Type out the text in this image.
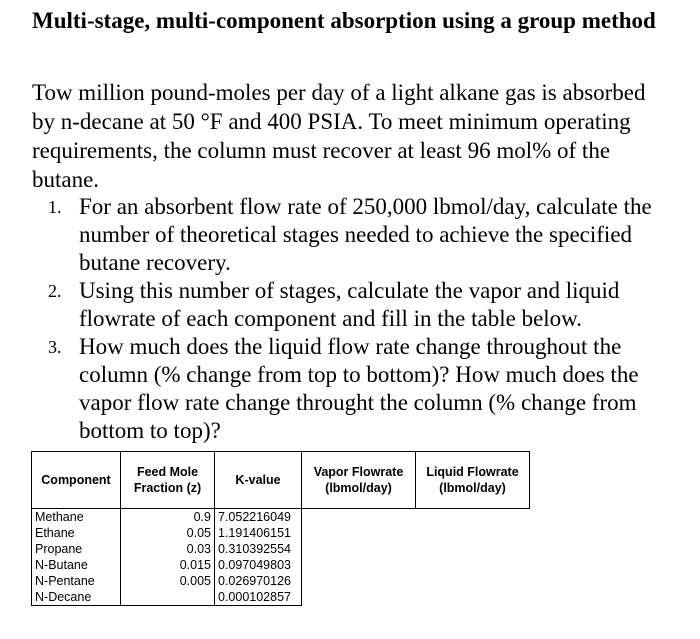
Multi-stage, multi-component absorption using a group method
Tow million pound-moles per day of a light alkane gas is absorbed by n-decane at 50 °F and 400 PSIA. To meet minimum operating requirements, the column must recover at least 96 mol% of the butane.
1. For an absorbent flow rate of 250,000 lbmol/day, calculate the number of theoretical stages needed to achieve the specified butane recovery.
2. Using this number of stages, calculate the vapor and liquid flowrate of each component and fill in the table below.
3. How much does the liquid flow rate change throughout the column (% change from top to bottom)? How much does the vapor flow rate change throught the column (% change from bottom to top)?
Component	Feed Mole Fraction (z)	K-value	Vapor Flowrate (lbmol/day)	Liquid Flowrate (lbmol/day)
Methane	0.9	7.052216049		
Ethane	0.05	1.191406151		
Propane	0.03	0.310392554		
N-Butane	0.015	0.097049803		
N-Pentane	0.005	0.026970126		
N-Decane		0.000102857		
